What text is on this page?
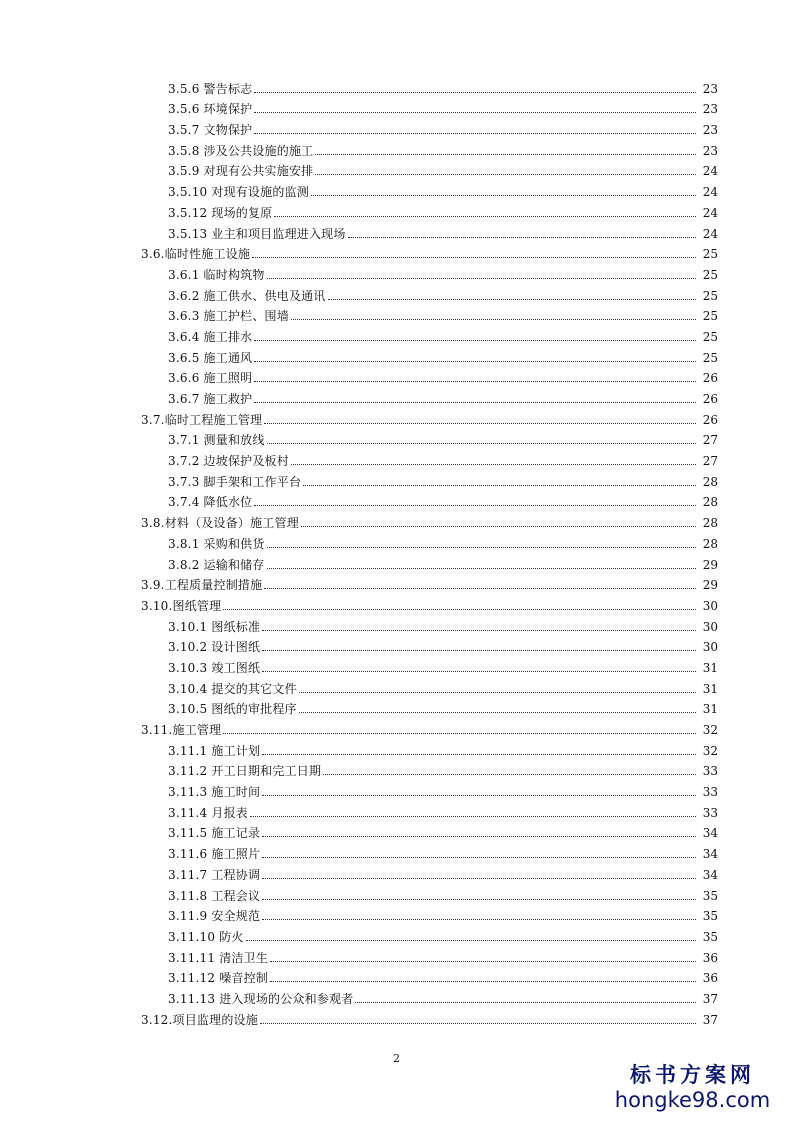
3.5.6 警告标志	23
3.5.6 环境保护	23
3.5.7 文物保护	23
3.5.8 涉及公共设施的施工	23
3.5.9 对现有公共实施安排	24
3.5.10 对现有设施的监测	24
3.5.12 现场的复原	24
3.5.13 业主和项目监理进入现场	24
3.6.临时性施工设施	25
3.6.1 临时构筑物	25
3.6.2 施工供水、供电及通讯	25
3.6.3 施工护栏、围墙	25
3.6.4 施工排水	25
3.6.5 施工通风	25
3.6.6 施工照明	26
3.6.7 施工救护	26
3.7.临时工程施工管理	26
3.7.1 测量和放线	27
3.7.2 边坡保护及板村	27
3.7.3 脚手架和工作平台	28
3.7.4 降低水位	28
3.8.材料（及设备）施工管理	28
3.8.1 采购和供货	28
3.8.2 运输和储存	29
3.9.工程质量控制措施	29
3.10.图纸管理	30
3.10.1 图纸标准	30
3.10.2 设计图纸	30
3.10.3 竣工图纸	31
3.10.4 提交的其它文件	31
3.10.5 图纸的审批程序	31
3.11.施工管理	32
3.11.1 施工计划	32
3.11.2 开工日期和完工日期	33
3.11.3 施工时间	33
3.11.4 月报表	33
3.11.5 施工记录	34
3.11.6 施工照片	34
3.11.7 工程协调	34
3.11.8 工程会议	35
3.11.9 安全规范	35
3.11.10 防火	35
3.11.11 清洁卫生	36
3.11.12 噪音控制	36
3.11.13 进入现场的公众和参观者	37
3.12.项目监理的设施	37
2
标书方案网
hongke98.com
